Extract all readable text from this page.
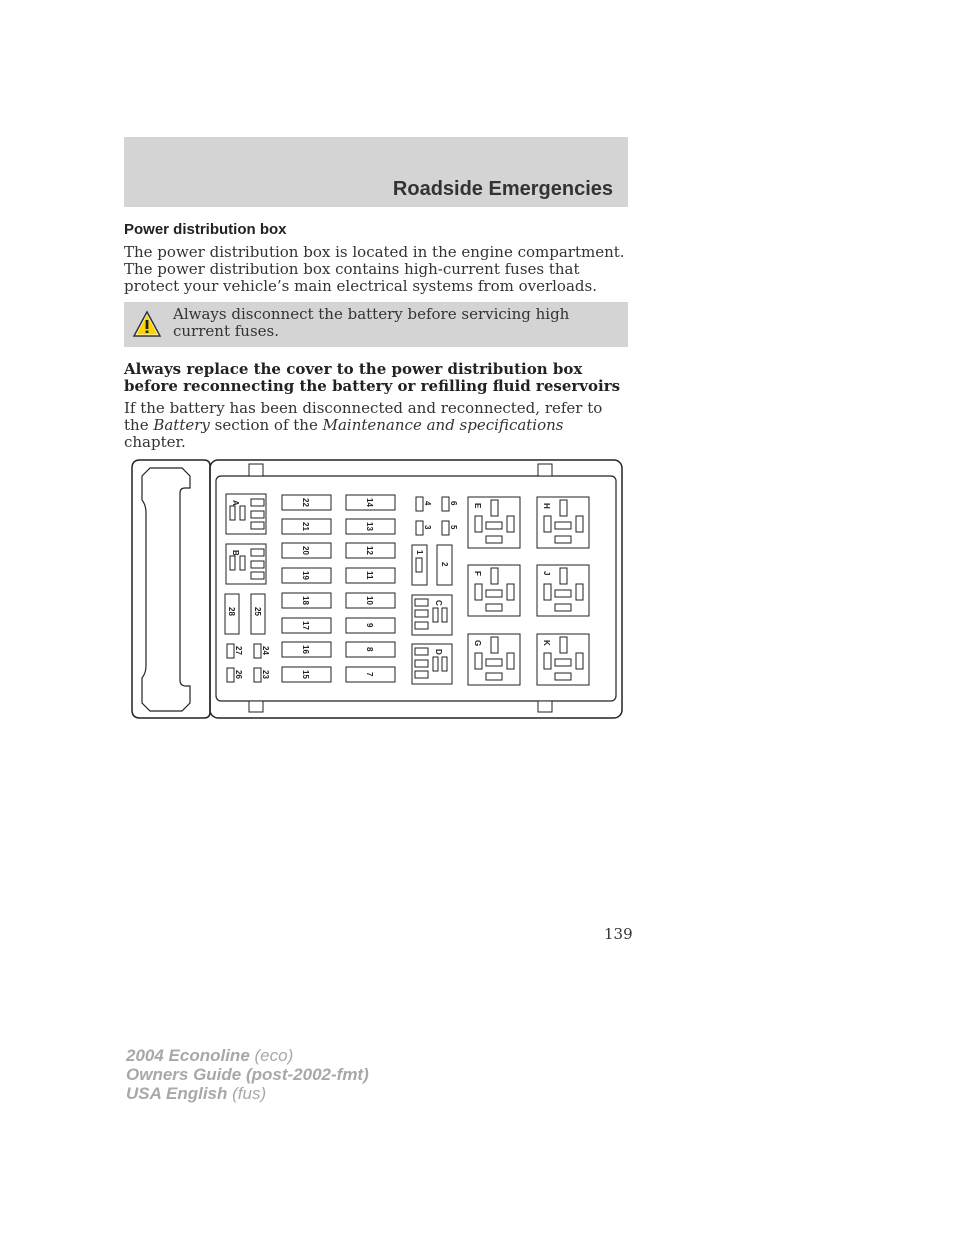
Roadside Emergencies
Power distribution box
The power distribution box is located in the engine compartment. The power distribution box contains high-current fuses that protect your vehicle’s main electrical systems from overloads.
Always disconnect the battery before servicing high current fuses.
Always replace the cover to the power distribution box before reconnecting the battery or refilling fluid reservoirs
If the battery has been disconnected and reconnected, refer to the Battery section of the Maintenance and specifications chapter.
A
B
28 25
27 24
26 23
22
21
20
19
18
17
16
15
14
13
12
11
10
9
8
7
4 6
3 5
1
2
C
D
E	H
F	J
G	K
139
2004 Econoline (eco)
Owners Guide (post-2002-fmt)
USA English (fus)
